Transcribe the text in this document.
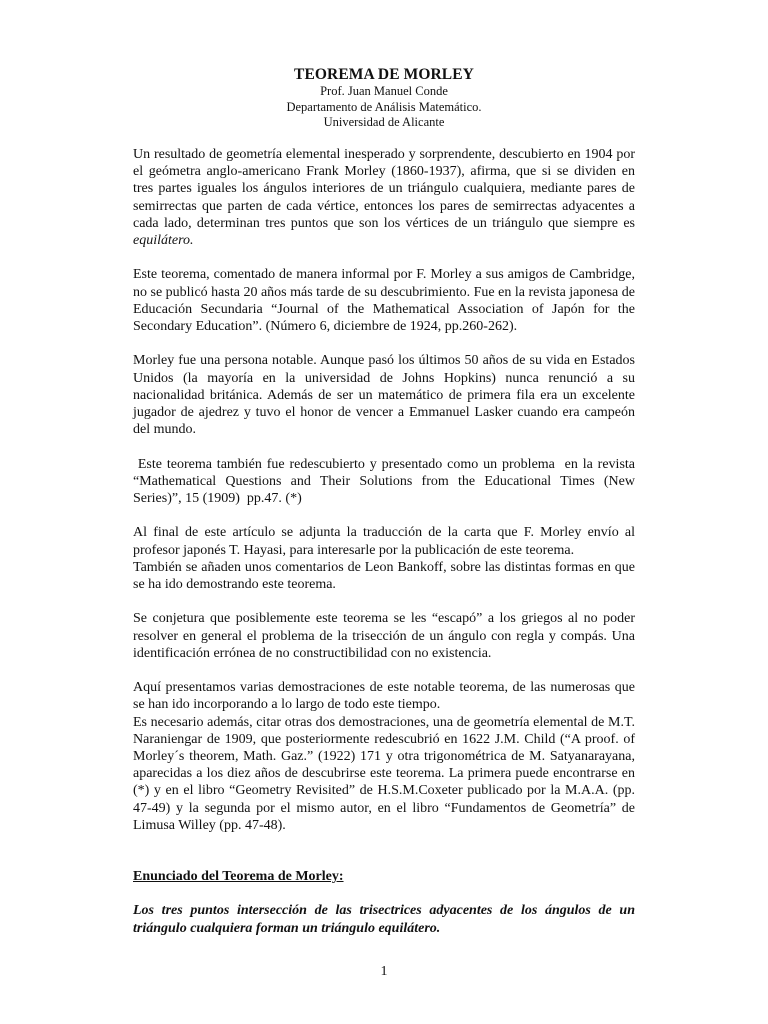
TEOREMA DE MORLEY

Prof. Juan Manuel Conde

Departamento de Análisis Matemático.

Universidad de Alicante

Un resultado de geometría elemental inesperado y sorprendente, descubierto en 1904 por el geómetra anglo-americano Frank Morley (1860-1937), afirma, que si se dividen en tres partes iguales los ángulos interiores de un triángulo cualquiera, mediante pares de semirrectas que parten de cada vértice, entonces los pares de semirrectas adyacentes a cada lado, determinan tres puntos que son los vértices de un triángulo que siempre es equilátero.

Este teorema, comentado de manera informal por F. Morley a sus amigos de Cambridge, no se publicó hasta 20 años más tarde de su descubrimiento. Fue en la revista japonesa de Educación Secundaria “Journal of the Mathematical Association of Japón for the Secondary Education”. (Número 6, diciembre de 1924, pp.260-262).

Morley fue una persona notable. Aunque pasó los últimos 50 años de su vida en Estados Unidos (la mayoría en la universidad de Johns Hopkins) nunca renunció a su nacionalidad británica. Además de ser un matemático de primera fila era un excelente jugador de ajedrez y tuvo el honor de vencer a Emmanuel Lasker cuando era campeón del mundo.

Este teorema también fue redescubierto y presentado como un problema  en la revista “Mathematical Questions and Their Solutions from the Educational Times (New Series)”, 15 (1909)  pp.47. (*)

Al final de este artículo se adjunta la traducción de la carta que F. Morley envío al profesor japonés T. Hayasi, para interesarle por la publicación de este teorema.

También se añaden unos comentarios de Leon Bankoff, sobre las distintas formas en que se ha ido demostrando este teorema.

Se conjetura que posiblemente este teorema se les “escapó” a los griegos al no poder resolver en general el problema de la trisección de un ángulo con regla y compás. Una identificación errónea de no constructibilidad con no existencia.

Aquí presentamos varias demostraciones de este notable teorema, de las numerosas que se han ido incorporando a lo largo de todo este tiempo.

Es necesario además, citar otras dos demostraciones, una de geometría elemental de M.T. Naraniengar de 1909, que posteriormente redescubrió en 1622 J.M. Child (“A proof. of Morley´s theorem, Math. Gaz.” (1922) 171 y otra trigonométrica de M. Satyanarayana, aparecidas a los diez años de descubrirse este teorema. La primera puede encontrarse en (*) y en el libro “Geometry Revisited” de H.S.M.Coxeter publicado por la M.A.A. (pp. 47-49) y la segunda por el mismo autor, en el libro “Fundamentos de Geometría” de Limusa Willey (pp. 47-48).

Enunciado del Teorema de Morley:

Los tres puntos intersección de las trisectrices adyacentes de los ángulos de un triángulo cualquiera forman un triángulo equilátero.

1
